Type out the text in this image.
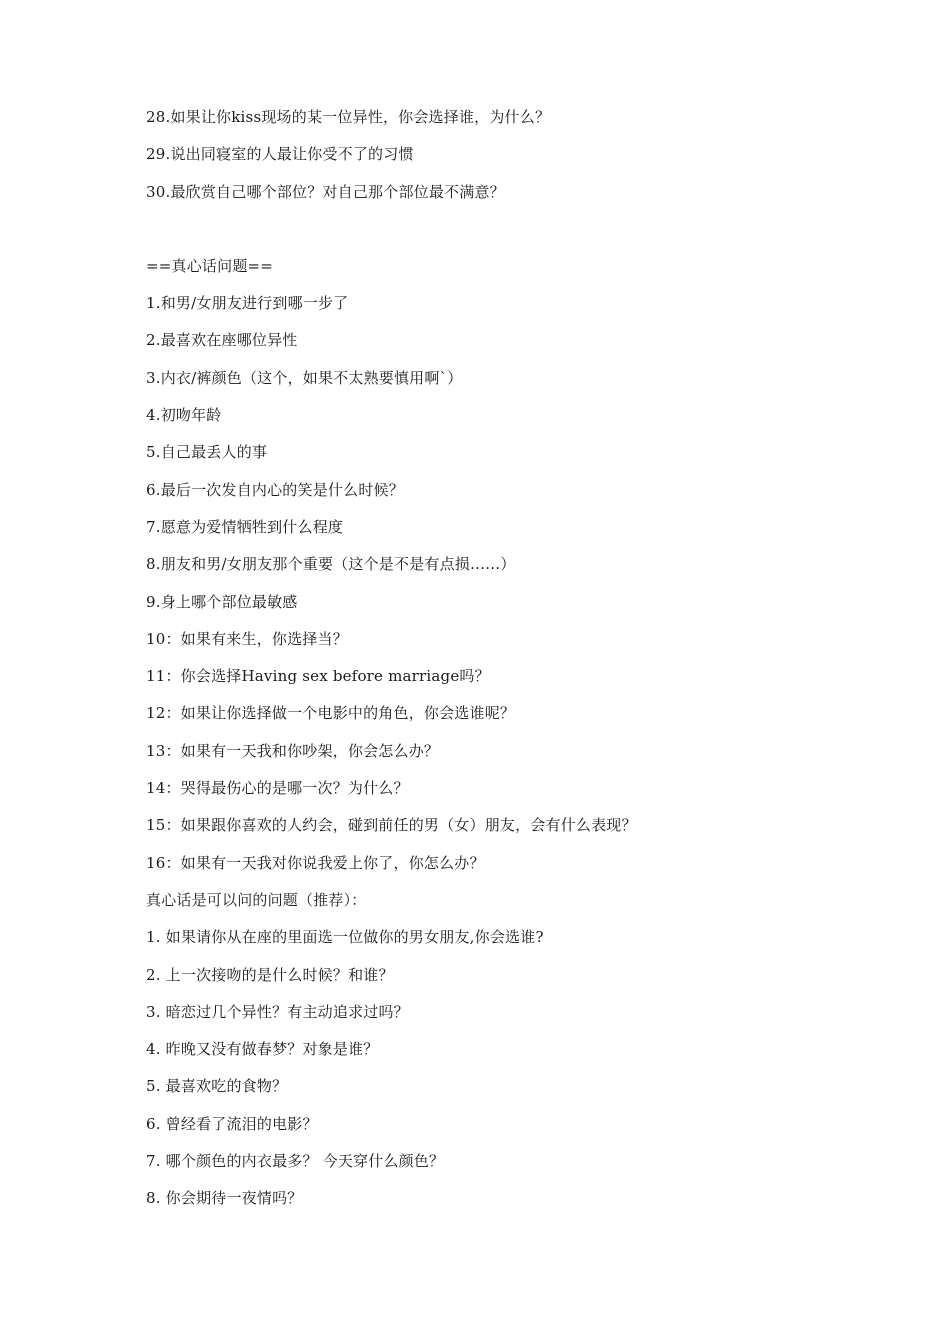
28.如果让你kiss现场的某一位异性，你会选择谁，为什么？
29.说出同寝室的人最让你受不了的习惯
30.最欣赏自己哪个部位？对自己那个部位最不满意？
==真心话问题==
1.和男/女朋友进行到哪一步了
2.最喜欢在座哪位异性
3.内衣/裤颜色（这个，如果不太熟要慎用啊`）
4.初吻年龄
5.自己最丢人的事
6.最后一次发自内心的笑是什么时候？
7.愿意为爱情牺牲到什么程度
8.朋友和男/女朋友那个重要（这个是不是有点损……）
9.身上哪个部位最敏感
10：如果有来生，你选择当？
11：你会选择Having sex before marriage吗？
12：如果让你选择做一个电影中的角色，你会选谁呢？
13：如果有一天我和你吵架，你会怎么办？
14：哭得最伤心的是哪一次？为什么？
15：如果跟你喜欢的人约会，碰到前任的男（女）朋友，会有什么表现？
16：如果有一天我对你说我爱上你了，你怎么办？
真心话是可以问的问题（推荐）：
1. 如果请你从在座的里面选一位做你的男女朋友,你会选谁?
2. 上一次接吻的是什么时候？和谁？
3. 暗恋过几个异性？有主动追求过吗？
4. 昨晚又没有做春梦？对象是谁？
5. 最喜欢吃的食物？
6. 曾经看了流泪的电影？
7. 哪个颜色的内衣最多？ 今天穿什么颜色？
8. 你会期待一夜情吗？
